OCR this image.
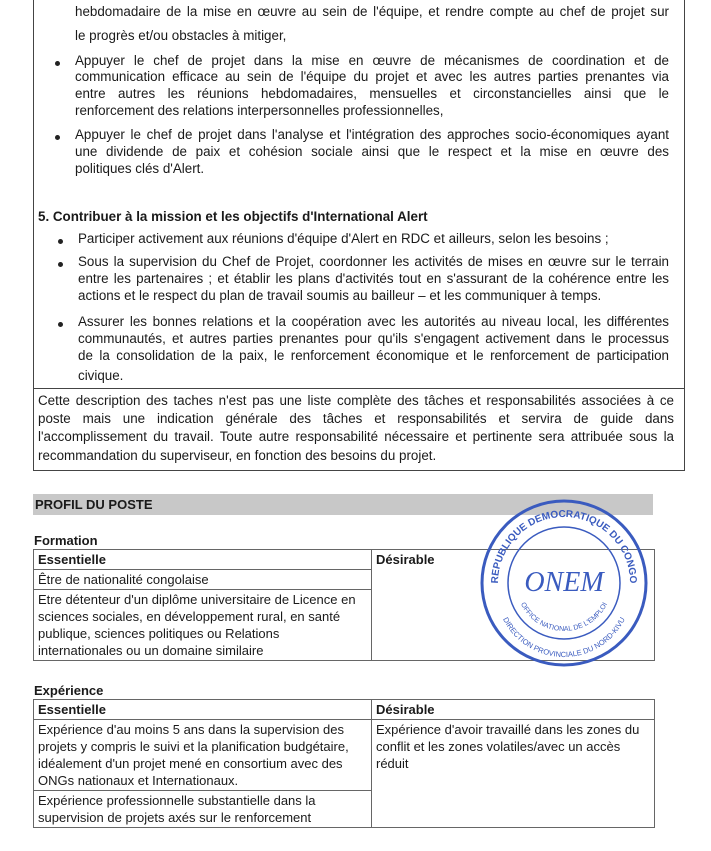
hebdomadaire de la mise en œuvre au sein de l'équipe, et rendre compte au chef de projet sur
le progrès et/ou obstacles à mitiger,
Appuyer le chef de projet dans la mise en œuvre de mécanismes de coordination et de
communication efficace au sein de l'équipe du projet et avec les autres parties prenantes via
entre autres les réunions hebdomadaires, mensuelles et circonstancielles ainsi que le
renforcement des relations interpersonnelles professionnelles,
Appuyer le chef de projet dans l'analyse et l'intégration des approches socio-économiques ayant
une dividende de paix et cohésion sociale ainsi que le respect et la mise en œuvre des
politiques clés d'Alert.
5. Contribuer à la mission et les objectifs d'International Alert
Participer activement aux réunions d'équipe d'Alert en RDC et ailleurs, selon les besoins ;
Sous la supervision du Chef de Projet, coordonner les activités de mises en œuvre sur le terrain
entre les partenaires ; et établir les plans d'activités tout en s'assurant de la cohérence entre les
actions et le respect du plan de travail soumis au bailleur – et les communiquer à temps.
Assurer les bonnes relations et la coopération avec les autorités au niveau local, les différentes
communautés, et autres parties prenantes pour qu'ils s'engagent activement dans le processus
de la consolidation de la paix, le renforcement économique et le renforcement de participation
civique.
Cette description des taches n'est pas une liste complète des tâches et responsabilités associées à ce
poste mais une indication générale des tâches et responsabilités et servira de guide dans
l'accomplissement du travail. Toute autre responsabilité nécessaire et pertinente sera attribuée sous la
recommandation du superviseur, en fonction des besoins du projet.
PROFIL DU POSTE
Formation
Essentielle	Désirable
Être de nationalité congolaise
Etre détenteur d'un diplôme universitaire de Licence en sciences sociales, en développement rural, en santé publique, sciences politiques ou Relations internationales ou un domaine similaire
Expérience
Essentielle	Désirable
Expérience d'au moins 5 ans dans la supervision des projets y compris le suivi et la planification budgétaire, idéalement d'un projet mené en consortium avec des ONGs nationaux et Internationaux.	Expérience d'avoir travaillé dans les zones du conflit et les zones volatiles/avec un accès réduit
Expérience professionnelle substantielle dans la supervision de projets axés sur le renforcement	
REPUBLIQUE DEMOCRATIQUE DU CONGO
ONEM
OFFICE NATIONAL DE L'EMPLOI
DIRECTION PROVINCIALE DU NORD-KIVU
